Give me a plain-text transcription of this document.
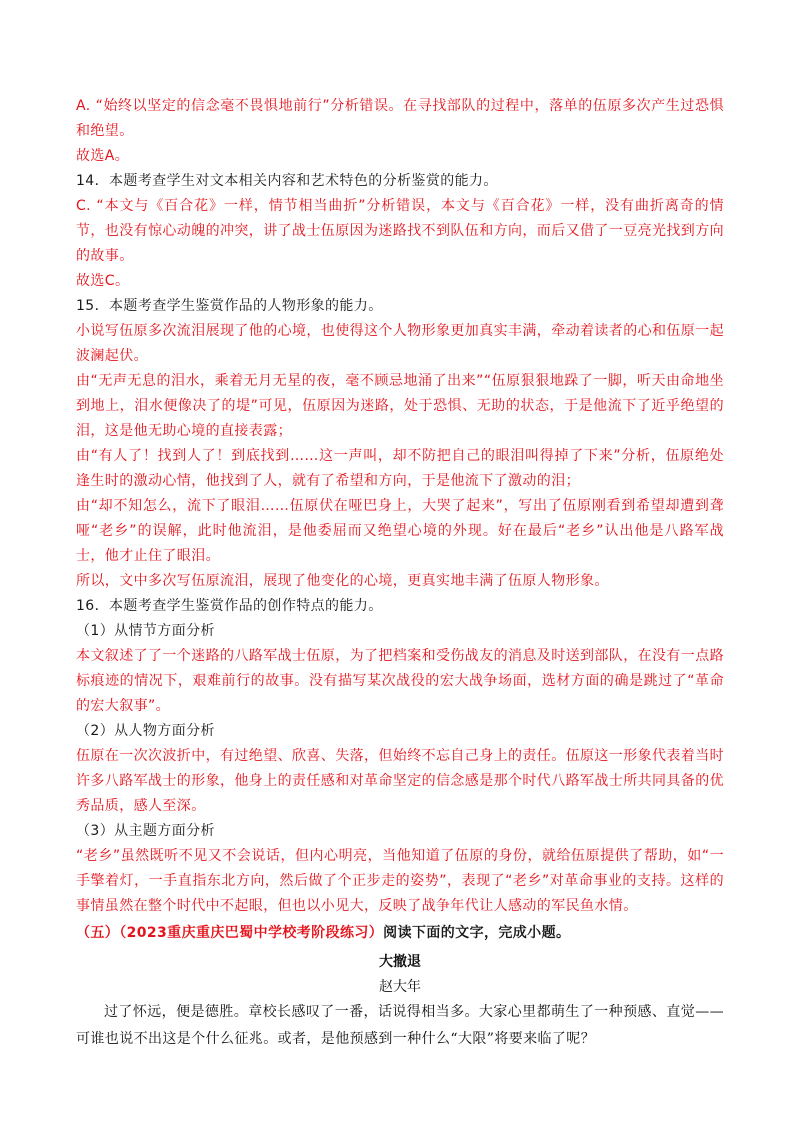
A. “始终以坚定的信念毫不畏惧地前行”分析错误。在寻找部队的过程中，落单的伍原多次产生过恐惧和绝望。

故选A。

14．本题考查学生对文本相关内容和艺术特色的分析鉴赏的能力。

C. “本文与《百合花》一样，情节相当曲折”分析错误，本文与《百合花》一样，没有曲折离奇的情节，也没有惊心动魄的冲突，讲了战士伍原因为迷路找不到队伍和方向，而后又借了一豆亮光找到方向的故事。

故选C。

15．本题考查学生鉴赏作品的人物形象的能力。

小说写伍原多次流泪展现了他的心境，也使得这个人物形象更加真实丰满，牵动着读者的心和伍原一起波澜起伏。

由“无声无息的泪水，乘着无月无星的夜，毫不顾忌地涌了出来”“伍原狠狠地跺了一脚，听天由命地坐到地上，泪水便像决了的堤”可见，伍原因为迷路，处于恐惧、无助的状态，于是他流下了近乎绝望的泪，这是他无助心境的直接表露；

由“有人了！找到人了！到底找到……这一声叫，却不防把自己的眼泪叫得掉了下来”分析，伍原绝处逢生时的激动心情，他找到了人，就有了希望和方向，于是他流下了激动的泪；

由“却不知怎么，流下了眼泪……伍原伏在哑巴身上，大哭了起来”，写出了伍原刚看到希望却遭到聋哑“老乡”的误解，此时他流泪，是他委屈而又绝望心境的外现。好在最后“老乡”认出他是八路军战士，他才止住了眼泪。

所以，文中多次写伍原流泪，展现了他变化的心境，更真实地丰满了伍原人物形象。

16．本题考查学生鉴赏作品的创作特点的能力。

（1）从情节方面分析

本文叙述了了一个迷路的八路军战士伍原，为了把档案和受伤战友的消息及时送到部队，在没有一点路标痕迹的情况下，艰难前行的故事。没有描写某次战役的宏大战争场面，选材方面的确是跳过了“革命的宏大叙事”。

（2）从人物方面分析

伍原在一次次波折中，有过绝望、欣喜、失落，但始终不忘自己身上的责任。伍原这一形象代表着当时许多八路军战士的形象，他身上的责任感和对革命坚定的信念感是那个时代八路军战士所共同具备的优秀品质，感人至深。

（3）从主题方面分析

“老乡”虽然既听不见又不会说话，但内心明亮，当他知道了伍原的身份，就给伍原提供了帮助，如“一手擎着灯，一手直指东北方向，然后做了个正步走的姿势”，表现了“老乡”对革命事业的支持。这样的事情虽然在整个时代中不起眼，但也以小见大，反映了战争年代让人感动的军民鱼水情。

（五）（2023重庆重庆巴蜀中学校考阶段练习）阅读下面的文字，完成小题。

大撤退
赵大年

过了怀远，便是德胜。章校长感叹了一番，话说得相当多。大家心里都萌生了一种预感、直觉——可谁也说不出这是个什么征兆。或者，是他预感到一种什么“大限”将要来临了呢？
